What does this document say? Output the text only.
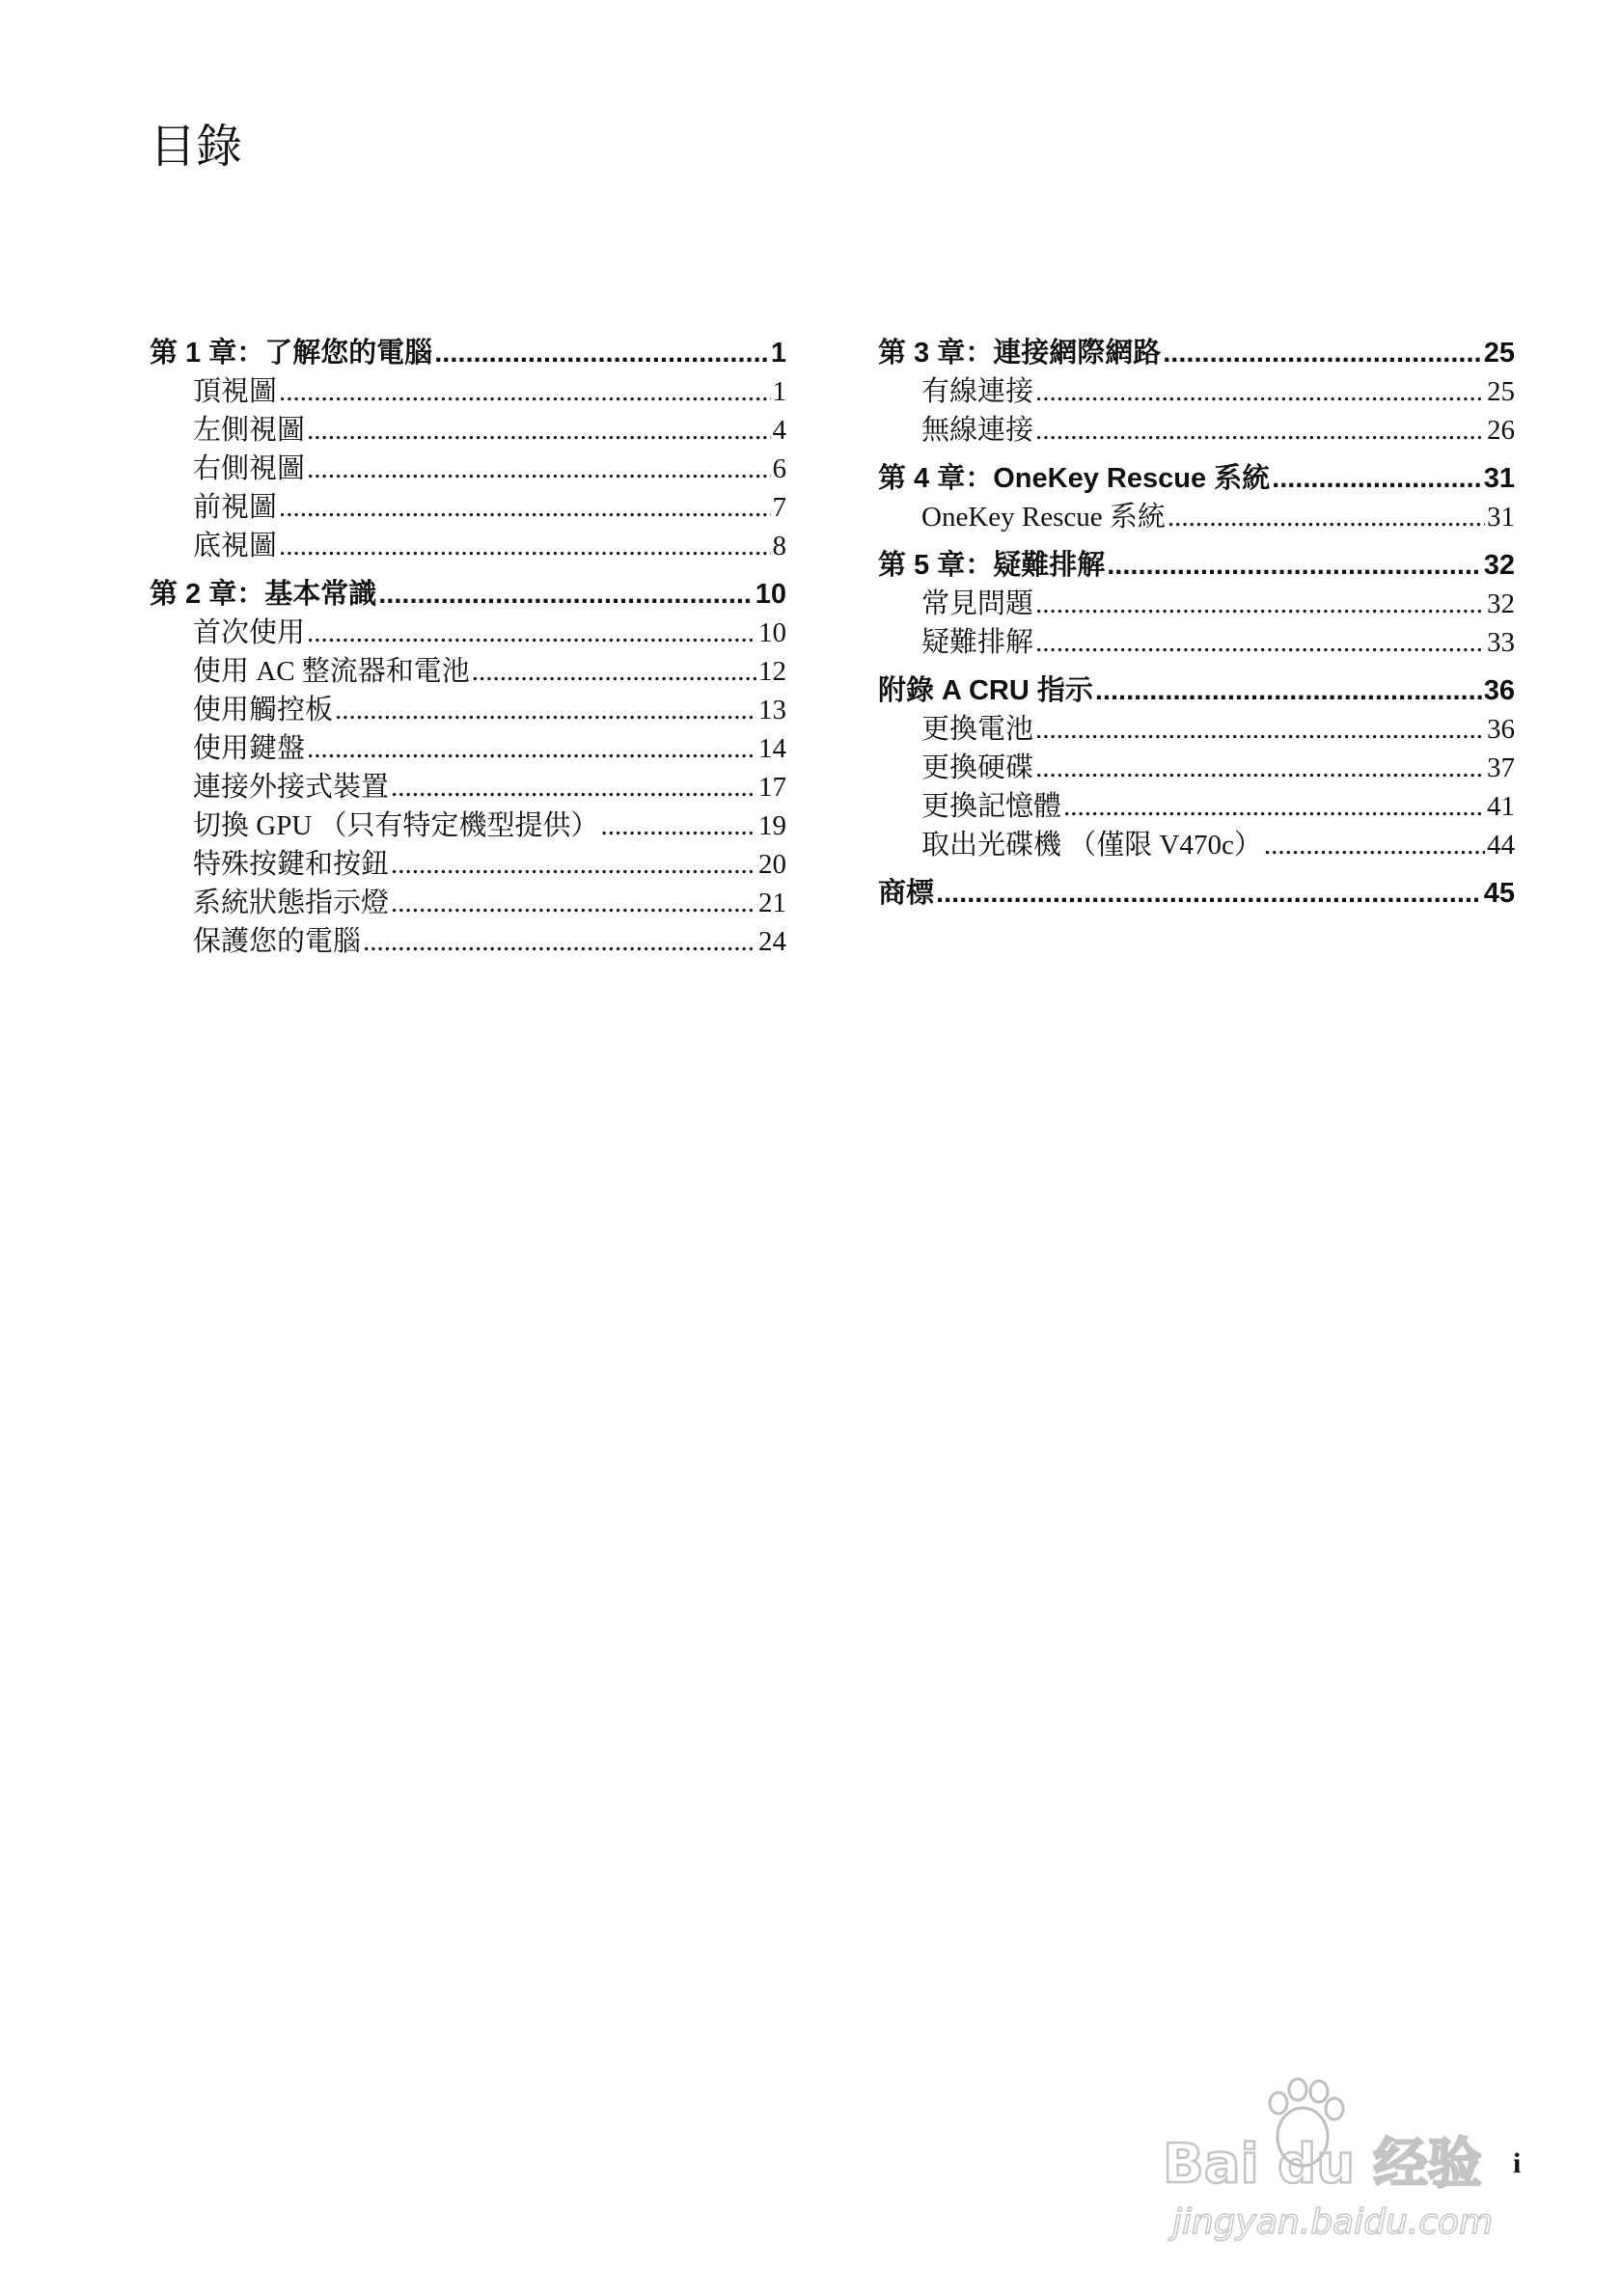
目錄
第 1 章：了解您的電腦 .....	1
頂視圖 .....	1
左側視圖 .....	4
右側視圖 .....	6
前視圖 .....	7
底視圖 .....	8
第 2 章：基本常識 .....	10
首次使用 .....	10
使用 AC 整流器和電池 .....	12
使用觸控板 .....	13
使用鍵盤 .....	14
連接外接式裝置 .....	17
切換 GPU （只有特定機型提供） .....	19
特殊按鍵和按鈕 .....	20
系統狀態指示燈 .....	21
保護您的電腦 .....	24
第 3 章：連接網際網路 .....	25
有線連接 .....	25
無線連接 .....	26
第 4 章：OneKey Rescue 系統 .....	31
OneKey Rescue 系統 .....	31
第 5 章：疑難排解 .....	32
常見問題 .....	32
疑難排解 .....	33
附錄 A CRU 指示 .....	36
更換電池 .....	36
更換硬碟 .....	37
更換記憶體 .....	41
取出光碟機 （僅限 V470c） .....	44
商標 .....	45
i
Bai du 经验
jingyan.baidu.com
